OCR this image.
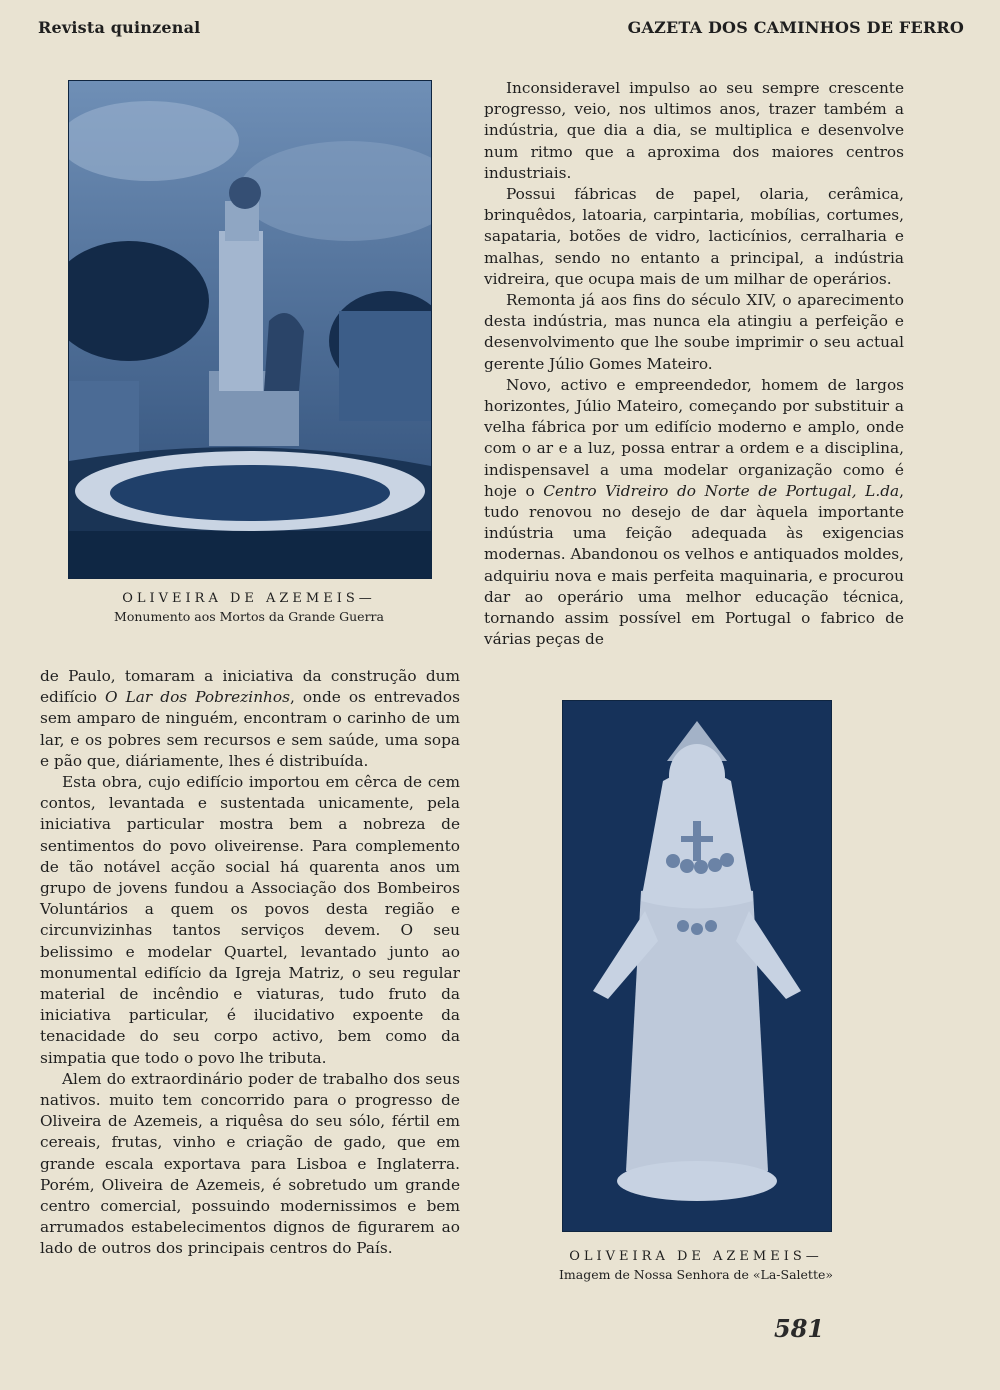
Revista quinzenal	GAZETA DOS CAMINHOS DE FERRO
OLIVEIRA DE AZEMEIS—
Monumento aos Mortos da Grande Guerra

Inconsideravel impulso ao seu sempre crescente progresso, veio, nos ultimos anos, trazer também a indústria, que dia a dia, se multiplica e desenvolve num ritmo que a aproxima dos maiores centros industriais.

Possui fábricas de papel, olaria, cerâmica, brinquêdos, latoaria, carpintaria, mobílias, cortumes, sapataria, botões de vidro, lacticínios, cerralharia e malhas, sendo no entanto a principal, a indústria vidreira, que ocupa mais de um milhar de operários.

Remonta já aos fins do século XIV, o aparecimento desta indústria, mas nunca ela atingiu a perfeição e desenvolvimento que lhe soube imprimir o seu actual gerente Júlio Gomes Mateiro.

Novo, activo e empreendedor, homem de largos horizontes, Júlio Mateiro, começando por substituir a velha fábrica por um edifício moderno e amplo, onde com o ar e a luz, possa entrar a ordem e a disciplina, indispensavel a uma modelar organização como é hoje o Centro Vidreiro do Norte de Portugal, L.da, tudo renovou no desejo de dar àquela importante indústria uma feição adequada às exigencias modernas. Abandonou os velhos e antiquados moldes, adquiriu nova e mais perfeita maquinaria, e procurou dar ao operário uma melhor educação técnica, tornando assim possível em Portugal o fabrico de várias peças de

de Paulo, tomaram a iniciativa da construção dum edifício O Lar dos Pobrezinhos, onde os entrevados sem amparo de ninguém, encontram o carinho de um lar, e os pobres sem recursos e sem saúde, uma sopa e pão que, diáriamente, lhes é distribuída.

Esta obra, cujo edifício importou em cêrca de cem contos, levantada e sustentada unicamente, pela iniciativa particular mostra bem a nobreza de sentimentos do povo oliveirense. Para complemento de tão notável acção social há quarenta anos um grupo de jovens fundou a Associação dos Bombeiros Voluntários a quem os povos desta região e circunvizinhas tantos serviços devem. O seu belissimo e modelar Quartel, levantado junto ao monumental edifício da Igreja Matriz, o seu regular material de incêndio e viaturas, tudo fruto da iniciativa particular, é ilucidativo expoente da tenacidade do seu corpo activo, bem como da simpatia que todo o povo lhe tributa.

Alem do extraordinário poder de trabalho dos seus nativos. muito tem concorrido para o progresso de Oliveira de Azemeis, a riquêsa do seu sólo, fértil em cereais, frutas, vinho e criação de gado, que em grande escala exportava para Lisboa e Inglaterra. Porém, Oliveira de Azemeis, é sobretudo um grande centro comercial, possuindo modernissimos e bem arrumados estabelecimentos dignos de figurarem ao lado de outros dos principais centros do País.	OLIVEIRA DE AZEMEIS—
Imagem de Nossa Senhora de «La-Salette»
581
